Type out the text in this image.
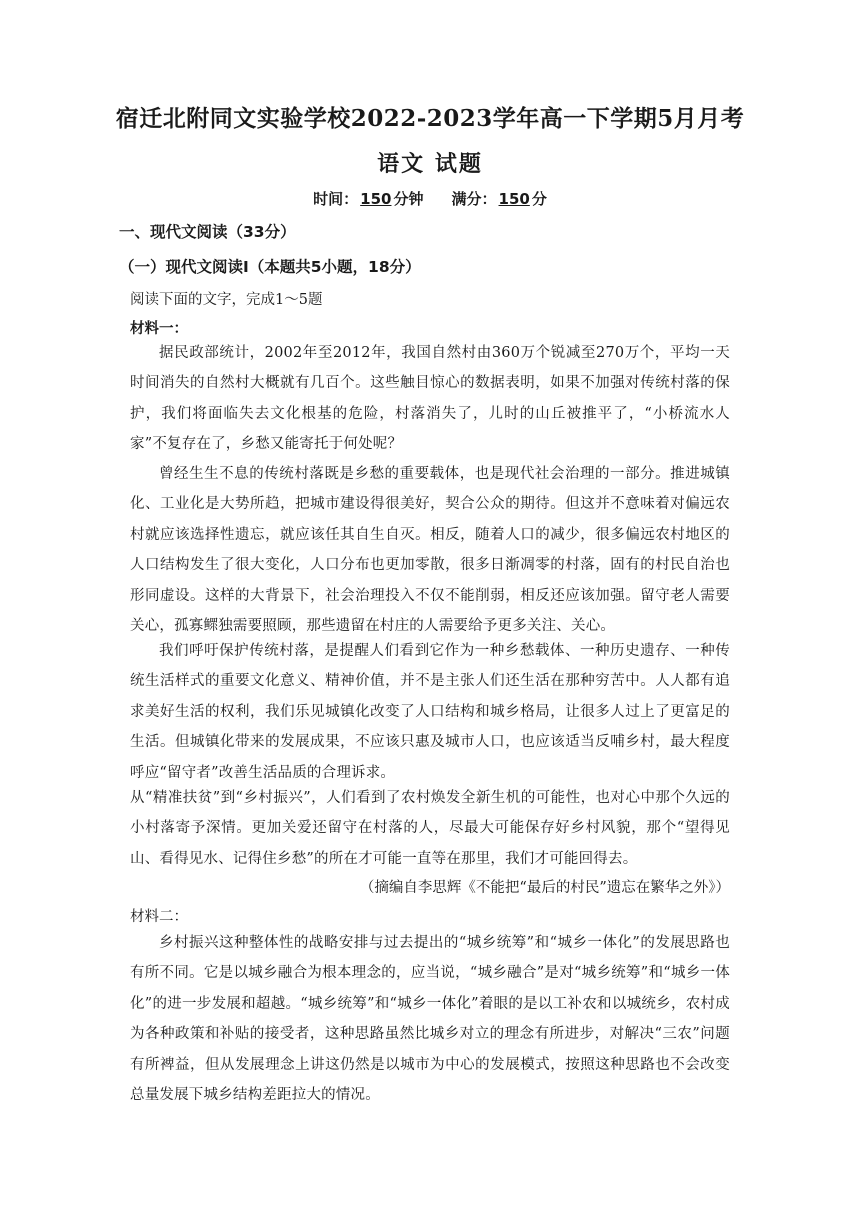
宿迁北附同文实验学校2022-2023学年高一下学期5月月考
语文 试题
时间： 150 分钟 满分： 150 分
一、现代文阅读（33分）
（一）现代文阅读Ⅰ（本题共5小题，18分）
阅读下面的文字，完成1～5题
材料一：

据民政部统计，2002年至2012年，我国自然村由360万个锐减至270万个，平均一天时间消失的自然村大概就有几百个。这些触目惊心的数据表明，如果不加强对传统村落的保护，我们将面临失去文化根基的危险，村落消失了，儿时的山丘被推平了，“小桥流水人家”不复存在了，乡愁又能寄托于何处呢？

曾经生生不息的传统村落既是乡愁的重要载体，也是现代社会治理的一部分。推进城镇化、工业化是大势所趋，把城市建设得很美好，契合公众的期待。但这并不意味着对偏远农村就应该选择性遗忘，就应该任其自生自灭。相反，随着人口的减少，很多偏远农村地区的人口结构发生了很大变化，人口分布也更加零散，很多日渐凋零的村落，固有的村民自治也形同虚设。这样的大背景下，社会治理投入不仅不能削弱，相反还应该加强。留守老人需要关心，孤寡鳏独需要照顾，那些遗留在村庄的人需要给予更多关注、关心。

我们呼吁保护传统村落，是提醒人们看到它作为一种乡愁载体、一种历史遗存、一种传统生活样式的重要文化意义、精神价值，并不是主张人们还生活在那种穷苦中。人人都有追求美好生活的权利，我们乐见城镇化改变了人口结构和城乡格局，让很多人过上了更富足的生活。但城镇化带来的发展成果，不应该只惠及城市人口，也应该适当反哺乡村，最大程度呼应“留守者”改善生活品质的合理诉求。

从“精准扶贫”到“乡村振兴”，人们看到了农村焕发全新生机的可能性，也对心中那个久远的小村落寄予深情。更加关爱还留守在村落的人，尽最大可能保存好乡村风貌，那个“望得见山、看得见水、记得住乡愁”的所在才可能一直等在那里，我们才可能回得去。

（摘编自李思辉《不能把“最后的村民”遗忘在繁华之外》）
材料二：

乡村振兴这种整体性的战略安排与过去提出的“城乡统筹”和“城乡一体化”的发展思路也有所不同。它是以城乡融合为根本理念的，应当说，“城乡融合”是对“城乡统筹”和“城乡一体化”的进一步发展和超越。“城乡统筹”和“城乡一体化”着眼的是以工补农和以城统乡，农村成为各种政策和补贴的接受者，这种思路虽然比城乡对立的理念有所进步，对解决“三农”问题有所裨益，但从发展理念上讲这仍然是以城市为中心的发展模式，按照这种思路也不会改变总量发展下城乡结构差距拉大的情况。
